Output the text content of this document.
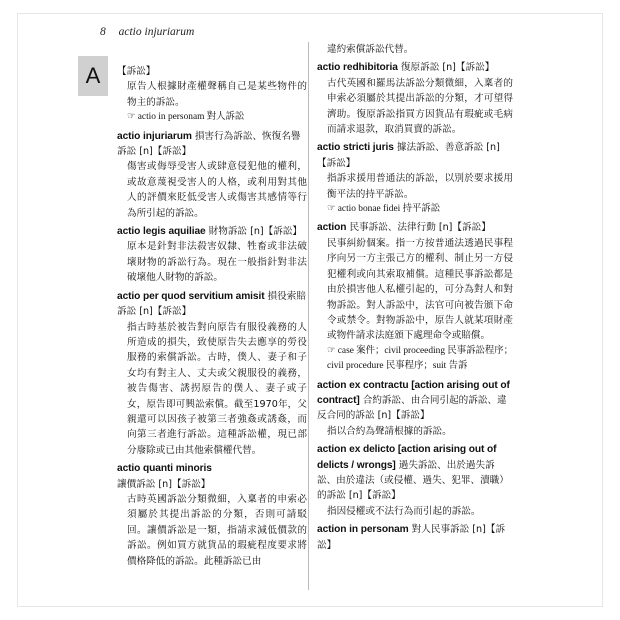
8 actio injuriarum
A	【訴訟】
原告人根據財產權聲稱自己是某些物件的物主的訴訟。
☞ actio in personam 對人訴訟
actio injuriarum 損害行為訴訟、恢復名譽訴訟 [n]【訴訟】
傷害或侮辱受害人或肆意侵犯他的權利，或故意蔑視受害人的人格，或利用對其他人的評價來貶低受害人或傷害其感情等行為所引起的訴訟。
actio legis aquiliae 財物訴訟 [n]【訴訟】
原本是針對非法殺害奴隸、牲畜或非法破壞財物的訴訟行為。現在一般指針對非法破壞他人財物的訴訟。
actio per quod servitium amisit 損役索賠訴訟 [n]【訴訟】
指古時基於被告對向原告有服役義務的人所造成的損失，致使原告失去應享的勞役服務的索償訴訟。古時，僕人、妻子和子女均有對主人、丈夫或父親服役的義務，被告傷害、誘拐原告的僕人、妻子或子女，原告即可興訟索償。截至1970年，父親還可以因孩子被第三者強姦或誘姦，而向第三者進行訴訟。這種訴訟權，現已部分廢除或已由其他索償權代替。
actio quanti minoris 讓價訴訟 [n]【訴訟】
古時英國訴訟分類微細，入稟者的申索必須屬於其提出訴訟的分類，否則可請駁回。讓價訴訟是一類，指請求減低價款的訴訟。例如買方就貨品的瑕疵程度要求將價格降低的訴訟。此種訴訟已由
違約索償訴訟代替。
actio redhibitoria 復原訴訟 [n]【訴訟】
古代英國和羅馬法訴訟分類微細，入稟者的申索必須屬於其提出訴訟的分類，才可望得濟助。復原訴訟指買方因貨品有瑕疵或毛病而請求退款，取消買賣的訴訟。
actio stricti juris 據法訴訟、善意訴訟 [n]【訴訟】
指訴求援用普通法的訴訟，以別於要求援用衡平法的持平訴訟。
☞ actio bonae fidei 持平訴訟
action 民事訴訟、法律行動 [n]【訴訟】
民事糾紛個案。指一方按普通法透過民事程序向另一方主張己方的權利、制止另一方侵犯權利或向其索取補償。這種民事訴訟都是由於損害他人私權引起的，可分為對人和對物訴訟。對人訴訟中，法官可向被告頒下命令或禁令。對物訴訟中，原告人就某項財產或物件請求法庭頒下處理命令或賠償。
☞ case 案件；civil proceeding 民事訴訟程序；civil procedure 民事程序；suit 告訴
action ex contractu [action arising out of contract] 合約訴訟、由合同引起的訴訟、違反合同的訴訟 [n]【訴訟】
指以合約為聲請根據的訴訟。
action ex delicto [action arising out of delicts / wrongs] 過失訴訟、出於過失訴訟、由於違法（或侵權、過失、犯罪、瀆職）的訴訟 [n]【訴訟】
指因侵權或不法行為而引起的訴訟。
action in personam 對人民事訴訟 [n]【訴訟】
